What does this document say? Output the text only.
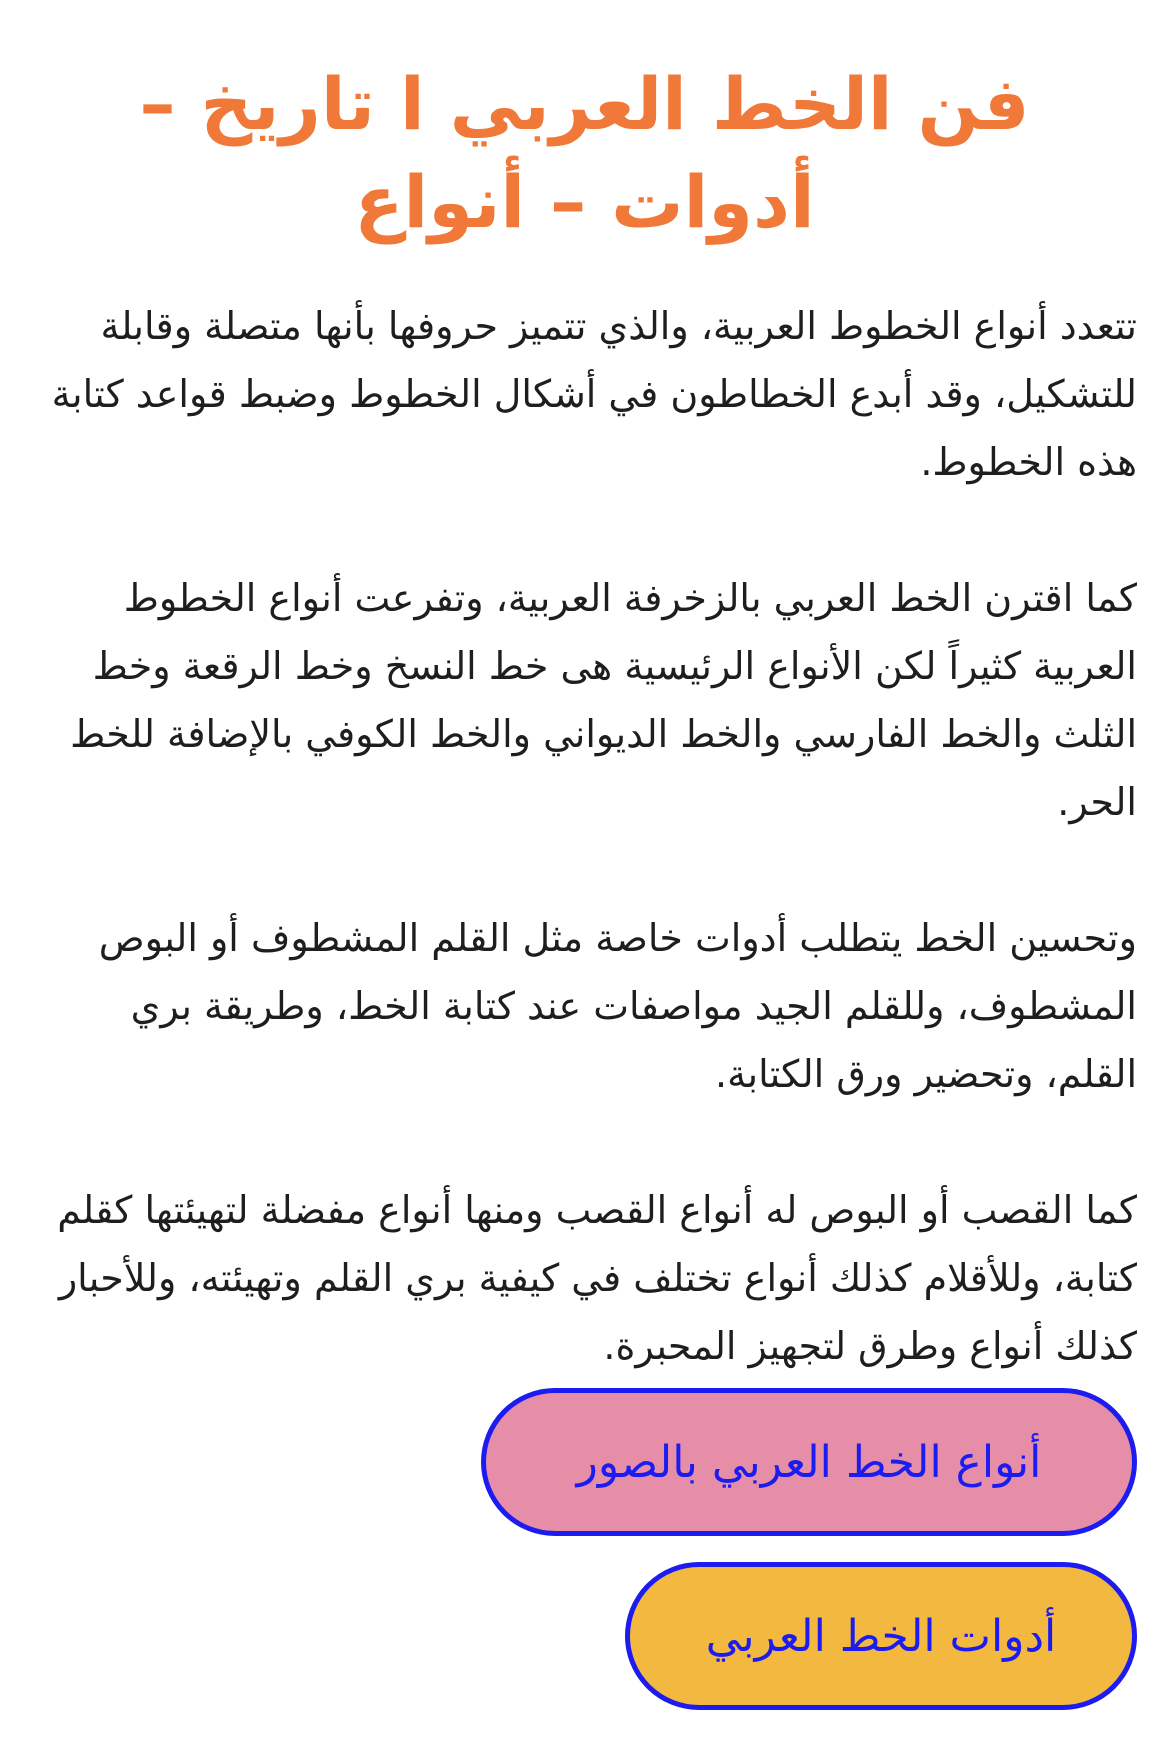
فن الخط العربي ا تاريخ – أدوات – أنواع

تتعدد أنواع الخطوط العربية، والذي تتميز حروفها بأنها متصلة وقابلة للتشكيل، وقد أبدع الخطاطون في أشكال الخطوط وضبط قواعد كتابة هذه الخطوط.

كما اقترن الخط العربي بالزخرفة العربية، وتفرعت أنواع الخطوط العربية كثيراً لكن الأنواع الرئيسية هى خط النسخ وخط الرقعة وخط الثلث والخط الفارسي والخط الديواني والخط الكوفي بالإضافة للخط الحر.

وتحسين الخط يتطلب أدوات خاصة مثل القلم المشطوف أو البوص المشطوف، وللقلم الجيد مواصفات عند كتابة الخط، وطريقة بري القلم، وتحضير ورق الكتابة.

كما القصب أو البوص له أنواع القصب ومنها أنواع مفضلة لتهيئتها كقلم كتابة، وللأقلام كذلك أنواع تختلف في كيفية بري القلم وتهيئته، وللأحبار كذلك أنواع وطرق لتجهيز المحبرة.

أنواع الخط العربي بالصور
أدوات الخط العربي
